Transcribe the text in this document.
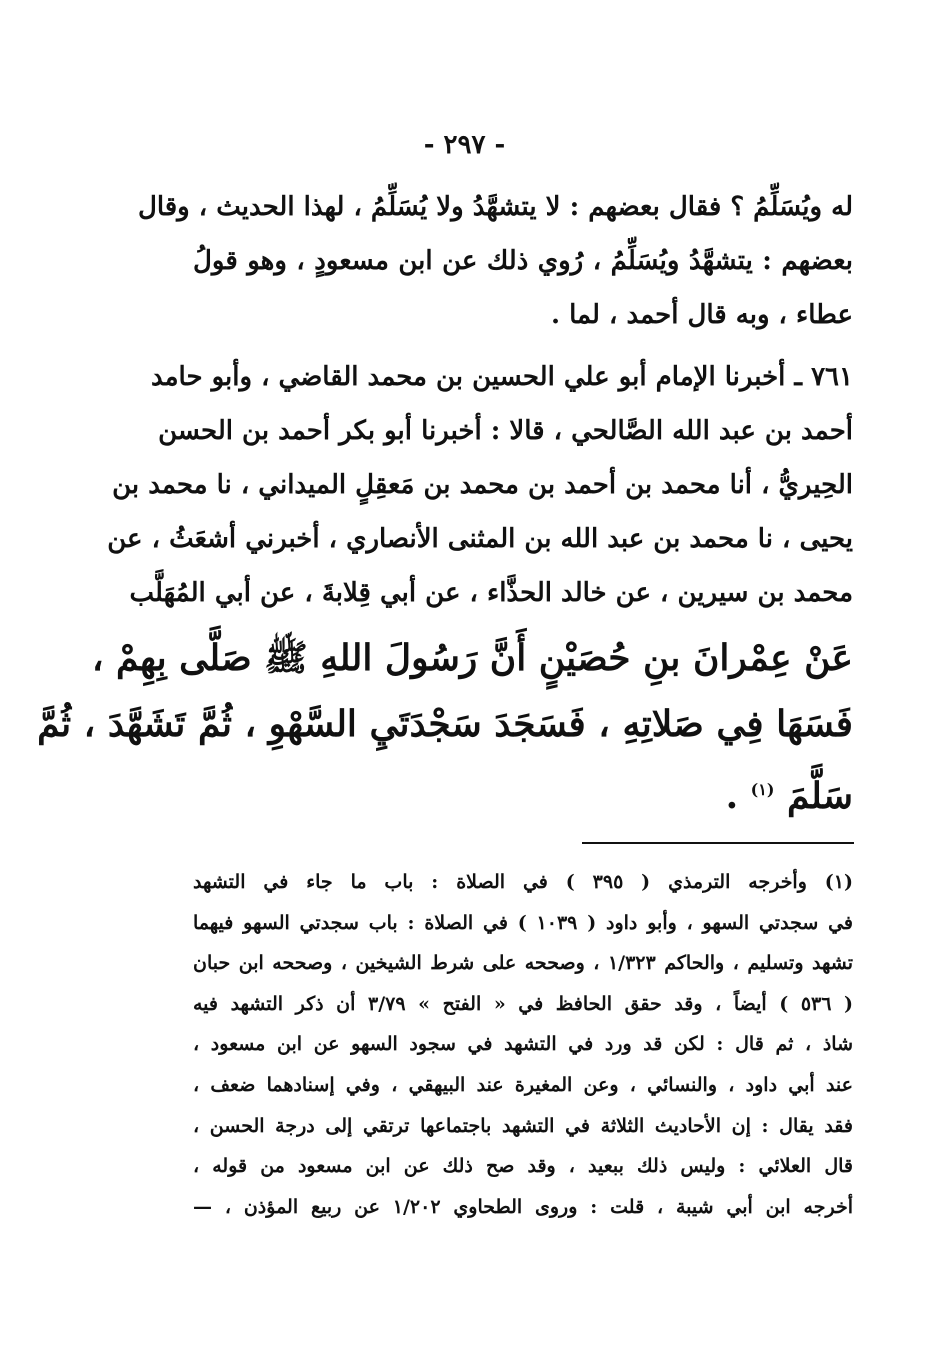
- ٢٩٧ -
له ويُسَلِّمُ ؟ فقال بعضهم : لا يتشهَّدُ ولا يُسَلِّمُ ، لهذا الحديث ، وقال
بعضهم : يتشهَّدُ ويُسَلِّمُ ، رُوي ذلك عن ابن مسعودٍ ، وهو قولُ
عطاء ، وبه قال أحمد ، لما .
٧٦١ ـ أخبرنا الإمام أبو علي الحسين بن محمد القاضي ، وأبو حامد
أحمد بن عبد الله الصَّالحي ، قالا : أخبرنا أبو بكر أحمد بن الحسن
الحِيريُّ ، أنا محمد بن أحمد بن محمد بن مَعقِلٍ الميداني ، نا محمد بن
يحيى ، نا محمد بن عبد الله بن المثنى الأنصاري ، أخبرني أشعَثُ ، عن
محمد بن سيرين ، عن خالد الحذَّاء ، عن أبي قِلابةَ ، عن أبي المُهَلَّب
عَنْ عِمْرانَ بنِ حُصَيْنٍ أَنَّ رَسُولَ اللهِ ﷺ صَلَّى بِهِمْ ،
فَسَهَا فِي صَلاتِهِ ، فَسَجَدَ سَجْدَتَيِ السَّهْوِ ، ثُمَّ تَشَهَّدَ ، ثُمَّ
سَلَّمَ $^{(١)}$ .
(١) وأخرجه الترمذي ( ٣٩٥ ) في الصلاة : باب ما جاء في التشهد
في سجدتي السهو ، وأبو داود ( ١٠٣٩ ) في الصلاة : باب سجدتي السهو فيهما
تشهد وتسليم ، والحاكم ١/٣٢٣ ، وصححه على شرط الشيخين ، وصححه ابن حبان
( ٥٣٦ ) أيضاً ، وقد حقق الحافظ في « الفتح » ٣/٧٩ أن ذكر التشهد فيه
شاذ ، ثم قال : لكن قد ورد في التشهد في سجود السهو عن ابن مسعود ،
عند أبي داود ، والنسائي ، وعن المغيرة عند البيهقي ، وفي إسنادهما ضعف ،
فقد يقال : إن الأحاديث الثلاثة في التشهد باجتماعها ترتقي إلى درجة الحسن ،
قال العلائي : وليس ذلك ببعيد ، وقد صح ذلك عن ابن مسعود من قوله ،
أخرجه ابن أبي شيبة ، قلت : وروى الطحاوي ١/٢٠٢ عن ربيع المؤذن ، —
